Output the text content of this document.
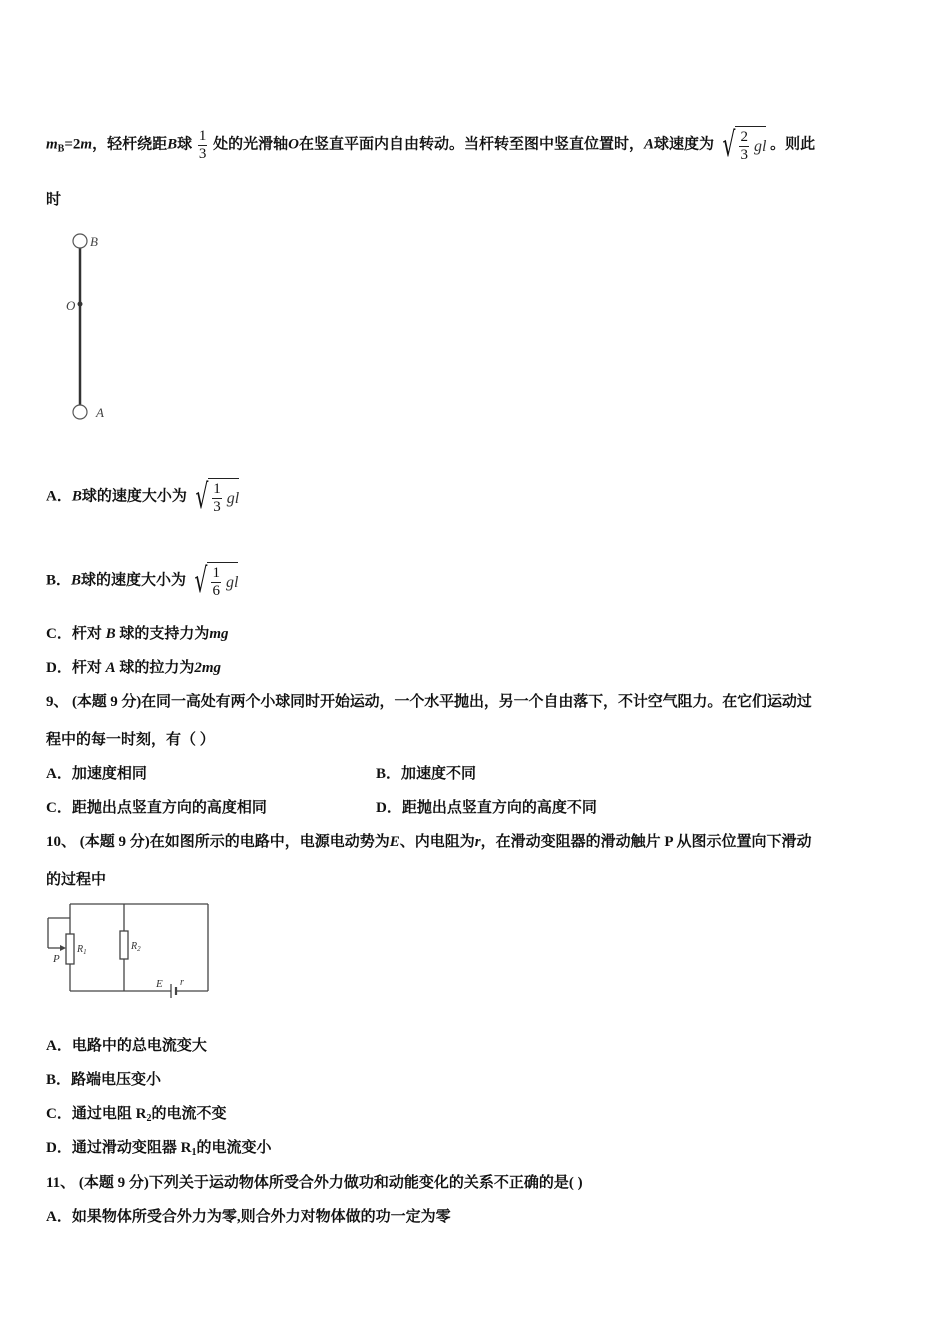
$m_B=2m$，轻杆绕距B球 $\frac{1}{3}$ 处的光滑轴O在竖直平面内自由转动。当杆转至图中竖直位置时，A球速度为 √ $\frac{2}{3}$ gl 。则此
时
B
O
A
A．B球的速度大小为 √ $\frac{1}{3}$ gl
B．B球的速度大小为 √ $\frac{1}{6}$ gl
C．杆对 B 球的支持力为mg
D．杆对 A 球的拉力为2mg
9、 (本题 9 分)在同一高处有两个小球同时开始运动，一个水平抛出，另一个自由落下，不计空气阻力。在它们运动过
程中的每一时刻，有（ ）
A．加速度相同	B．加速度不同
C．距抛出点竖直方向的高度相同	D．距抛出点竖直方向的高度不同
10、 (本题 9 分)在如图所示的电路中，电源电动势为E、内电阻为r，在滑动变阻器的滑动触片 P 从图示位置向下滑动
的过程中
P
$R_1$	$R_2$
E r
A．电路中的总电流变大
B．路端电压变小
C．通过电阻 $R_2$的电流不变
D．通过滑动变阻器 $R_1$的电流变小
11、 (本题 9 分)下列关于运动物体所受合外力做功和动能变化的关系不正确的是( )
A．如果物体所受合外力为零,则合外力对物体做的功一定为零
